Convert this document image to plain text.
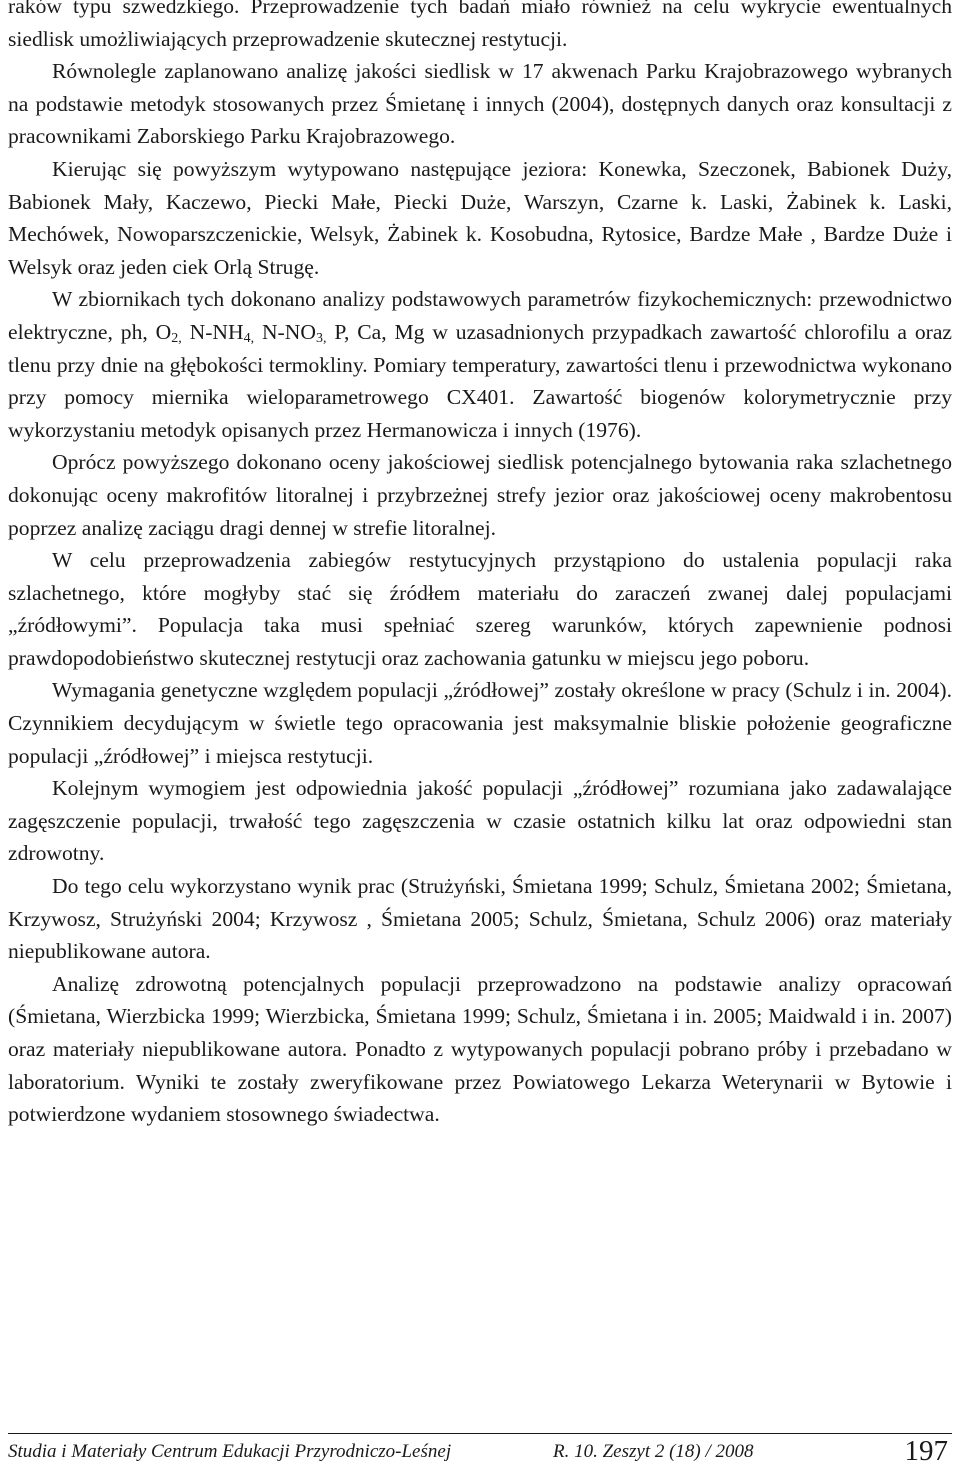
raków typu szwedzkiego. Przeprowadzenie tych badań miało również na celu wykrycie ewentualnych siedlisk umożliwiających przeprowadzenie skutecznej restytucji.

Równolegle zaplanowano analizę jakości siedlisk w 17 akwenach Parku Krajobrazowego wybranych na podstawie metodyk stosowanych przez Śmietanę i innych (2004), dostępnych danych oraz konsultacji z pracownikami Zaborskiego Parku Krajobrazowego.

Kierując się powyższym wytypowano następujące jeziora: Konewka, Szeczonek, Babionek Duży, Babionek Mały, Kaczewo, Piecki Małe, Piecki Duże, Warszyn, Czarne k. Laski, Żabinek k. Laski, Mechówek, Nowoparszczenickie, Welsyk, Żabinek k. Kosobudna, Rytosice, Bardze Małe , Bardze Duże i Welsyk oraz jeden ciek Orlą Strugę.

W zbiornikach tych dokonano analizy podstawowych parametrów fizykochemicznych: przewodnictwo elektryczne, ph, $O_{2,}$ $N-NH_{4,}$ $N-NO_{3,}$ P, Ca, Mg w uzasadnionych przypadkach zawartość chlorofilu a oraz tlenu przy dnie na głębokości termokliny. Pomiary temperatury, zawartości tlenu i przewodnictwa wykonano przy pomocy miernika wieloparametrowego CX401. Zawartość biogenów kolorymetrycznie przy wykorzystaniu metodyk opisanych przez Hermanowicza i innych (1976).

Oprócz powyższego dokonano oceny jakościowej siedlisk potencjalnego bytowania raka szlachetnego dokonując oceny makrofitów litoralnej i przybrzeżnej strefy jezior oraz jakościowej oceny makrobentosu poprzez analizę zaciągu dragi dennej w strefie litoralnej.

W celu przeprowadzenia zabiegów restytucyjnych przystąpiono do ustalenia populacji raka szlachetnego, które mogłyby stać się źródłem materiału do zaraczeń zwanej dalej populacjami „źródłowymi”. Populacja taka musi spełniać szereg warunków, których zapewnienie podnosi prawdopodobieństwo skutecznej restytucji oraz zachowania gatunku w miejscu jego poboru.

Wymagania genetyczne względem populacji „źródłowej” zostały określone w pracy (Schulz i in. 2004). Czynnikiem decydującym w świetle tego opracowania jest maksymalnie bliskie położenie geograficzne populacji „źródłowej” i miejsca restytucji.

Kolejnym wymogiem jest odpowiednia jakość populacji „źródłowej” rozumiana jako zadawalające zagęszczenie populacji, trwałość tego zagęszczenia w czasie ostatnich kilku lat oraz odpowiedni stan zdrowotny.

Do tego celu wykorzystano wynik prac (Strużyński, Śmietana 1999; Schulz, Śmietana 2002; Śmietana, Krzywosz, Strużyński 2004; Krzywosz , Śmietana 2005; Schulz, Śmietana, Schulz 2006) oraz materiały niepublikowane autora.

Analizę zdrowotną potencjalnych populacji przeprowadzono na podstawie analizy opracowań (Śmietana, Wierzbicka 1999; Wierzbicka, Śmietana 1999; Schulz, Śmietana i in. 2005; Maidwald i in. 2007) oraz materiały niepublikowane autora. Ponadto z wytypowanych populacji pobrano próby i przebadano w laboratorium. Wyniki te zostały zweryfikowane przez Powiatowego Lekarza Weterynarii w Bytowie i potwierdzone wydaniem stosownego świadectwa.

Studia i Materiały Centrum Edukacji Przyrodniczo-Leśnej	R. 10. Zeszyt 2 (18) / 2008	197
